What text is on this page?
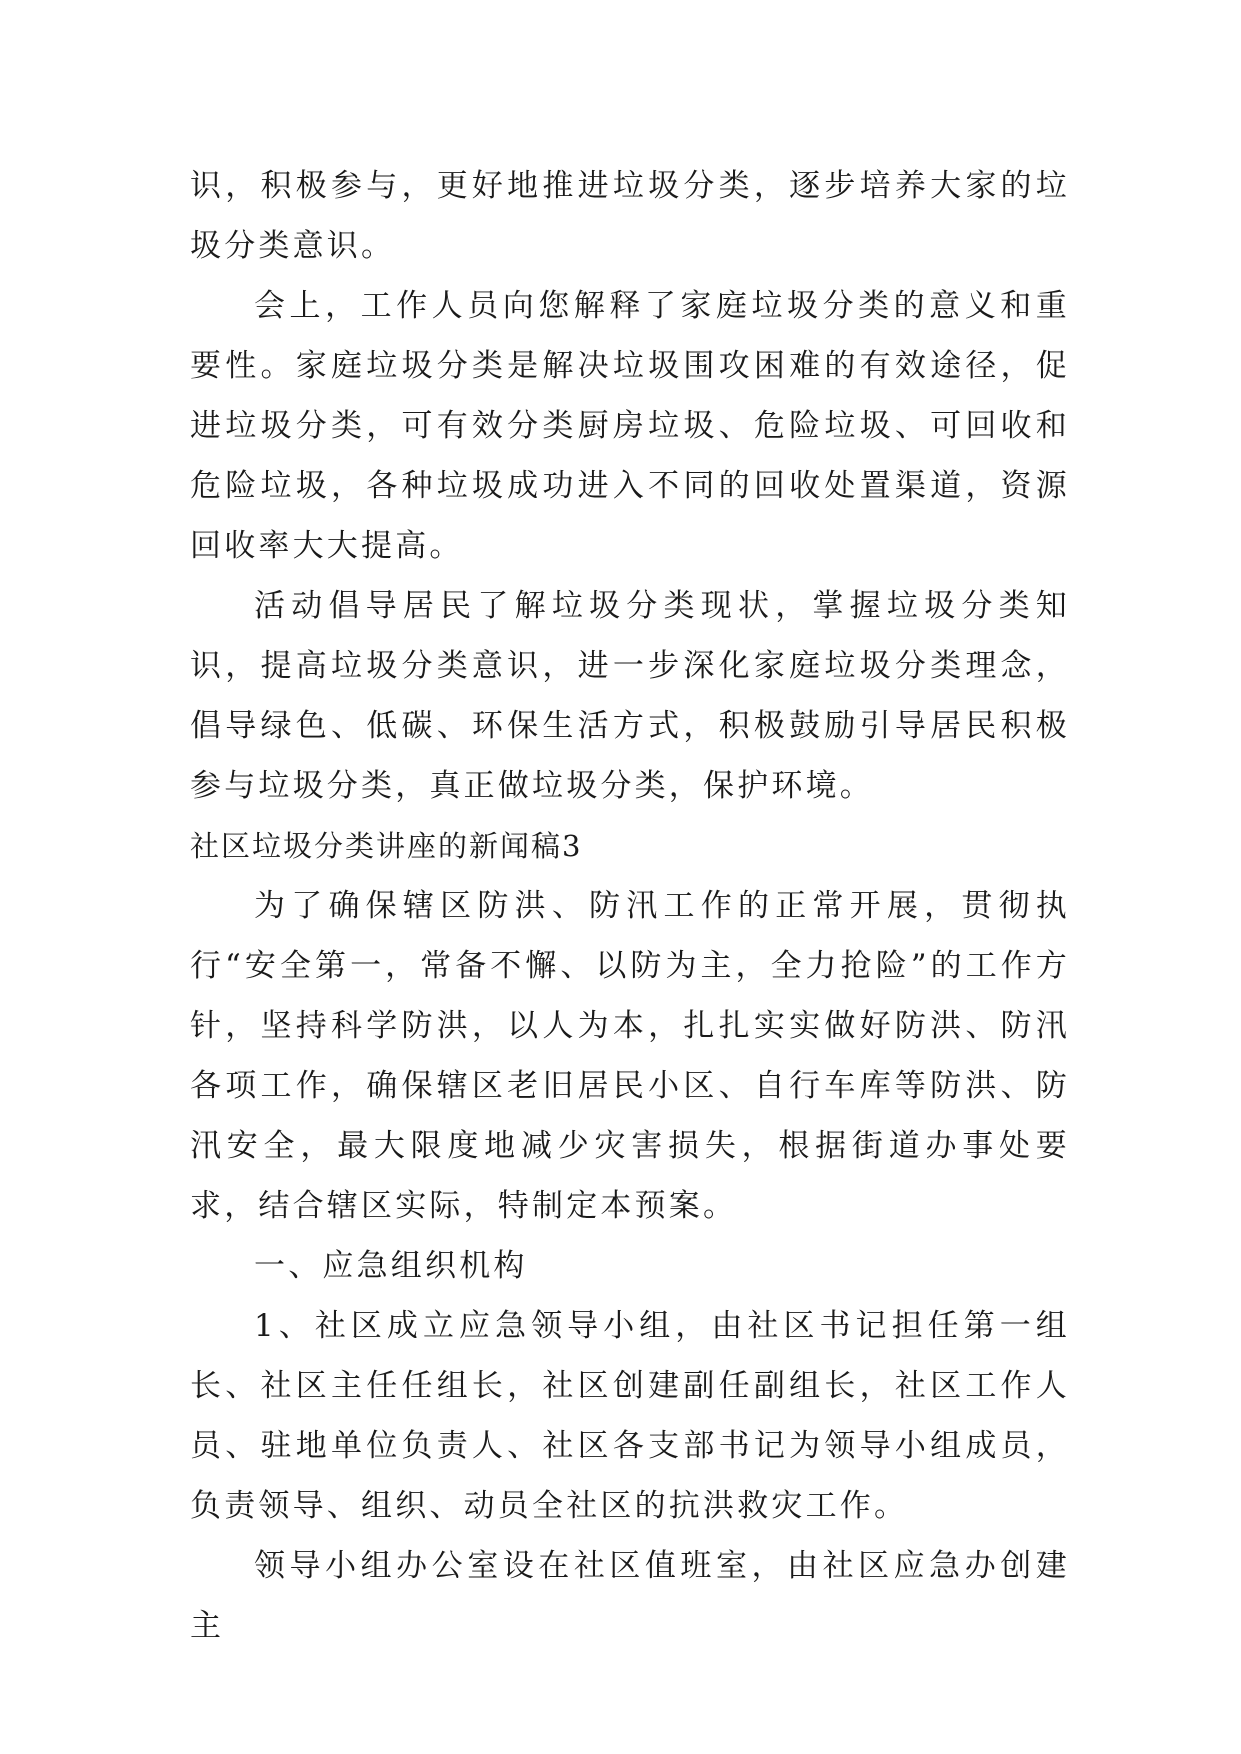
识，积极参与，更好地推进垃圾分类，逐步培养大家的垃圾分类意识。

会上，工作人员向您解释了家庭垃圾分类的意义和重要性。家庭垃圾分类是解决垃圾围攻困难的有效途径，促进垃圾分类，可有效分类厨房垃圾、危险垃圾、可回收和危险垃圾，各种垃圾成功进入不同的回收处置渠道，资源回收率大大提高。

活动倡导居民了解垃圾分类现状，掌握垃圾分类知识，提高垃圾分类意识，进一步深化家庭垃圾分类理念，倡导绿色、低碳、环保生活方式，积极鼓励引导居民积极参与垃圾分类，真正做垃圾分类，保护环境。

社区垃圾分类讲座的新闻稿3

为了确保辖区防洪、防汛工作的正常开展，贯彻执行“安全第一，常备不懈、以防为主，全力抢险”的工作方针，坚持科学防洪，以人为本，扎扎实实做好防洪、防汛各项工作，确保辖区老旧居民小区、自行车库等防洪、防汛安全，最大限度地减少灾害损失，根据街道办事处要求，结合辖区实际，特制定本预案。

一、应急组织机构

1、社区成立应急领导小组，由社区书记担任第一组长、社区主任任组长，社区创建副任副组长，社区工作人员、驻地单位负责人、社区各支部书记为领导小组成员，负责领导、组织、动员全社区的抗洪救灾工作。

领导小组办公室设在社区值班室，由社区应急办创建主
